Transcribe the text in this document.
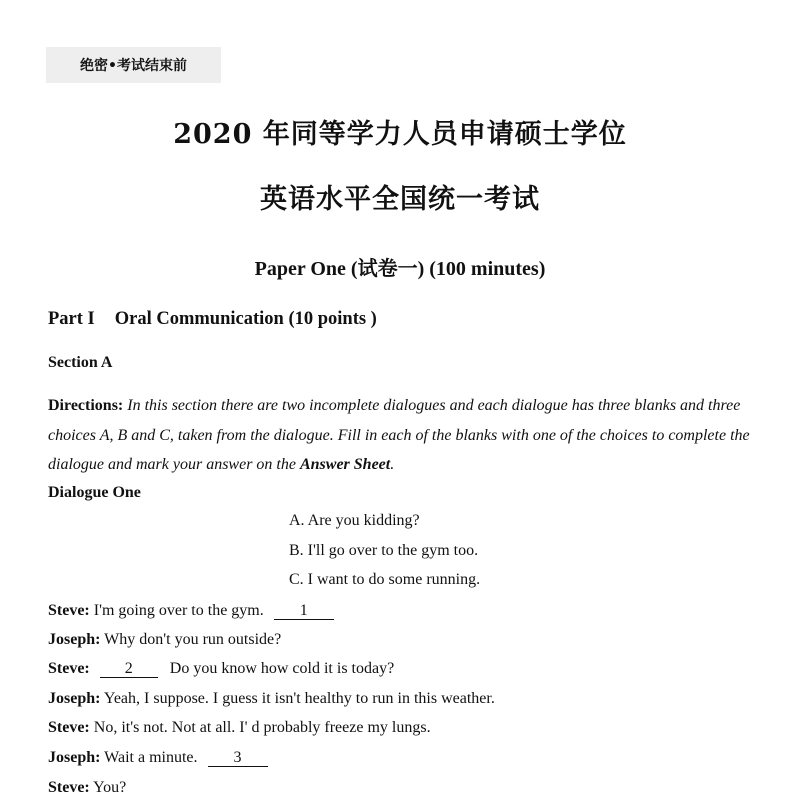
绝密•考试结束前
2020 年同等学力人员申请硕士学位
英语水平全国统一考试
Paper One (试卷一) (100 minutes)
Part I Oral Communication (10 points )
Section A
Directions: In this section there are two incomplete dialogues and each dialogue has three blanks and three choices A, B and C, taken from the dialogue. Fill in each of the blanks with one of the choices to complete the dialogue and mark your answer on the Answer Sheet.
Dialogue One
A. Are you kidding?
B. I'll go over to the gym too.
C. I want to do some running.
Steve: I'm going over to the gym. 1
Joseph: Why don't you run outside?
Steve: 2 Do you know how cold it is today?
Joseph: Yeah, I suppose. I guess it isn't healthy to run in this weather.
Steve: No, it's not. Not at all. I' d probably freeze my lungs.
Joseph: Wait a minute. 3
Steve: You?
